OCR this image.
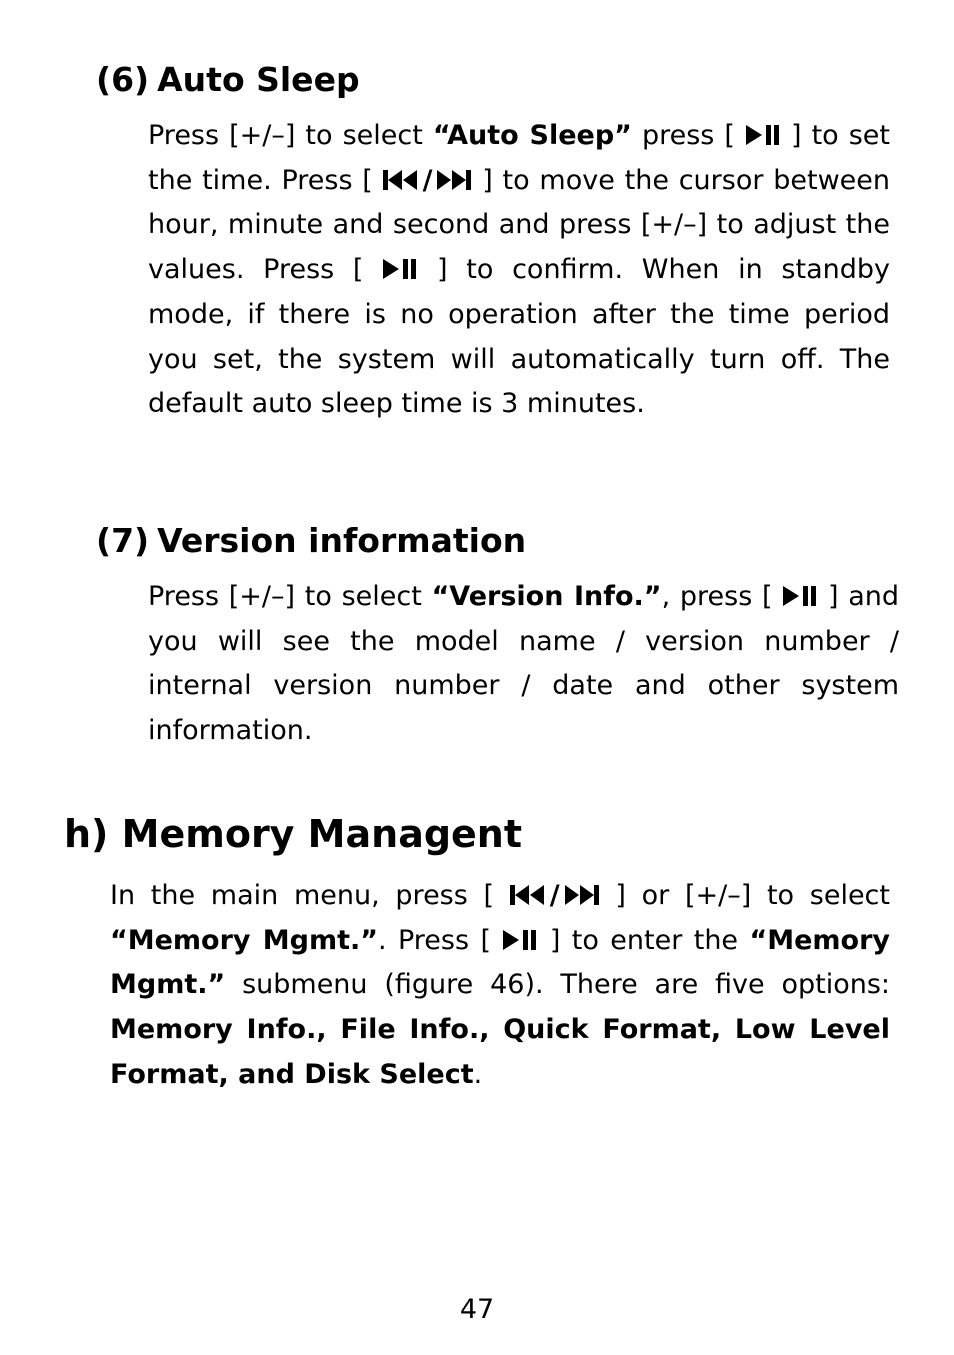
(6) Auto Sleep

Press [+/–] to select “Auto Sleep” press [
] to set the time. Press [
/
] to move the cursor between hour, minute and second and press [+/–] to adjust the values. Press [
] to confirm. When in standby mode, if there is no operation after the time period you set, the system will automatically turn off. The default auto sleep time is 3 minutes.

(7) Version information

Press [+/–] to select “Version Info.”, press [
] and you will see the model name / version number / internal version number / date and other system information.

h) Memory Managent

In the main menu, press [
/
] or [+/–] to select “Memory Mgmt.”. Press [
] to enter the “Memory Mgmt.” submenu (figure 46). There are five options: Memory Info., File Info., Quick Format, Low Level Format, and Disk Select.

47
